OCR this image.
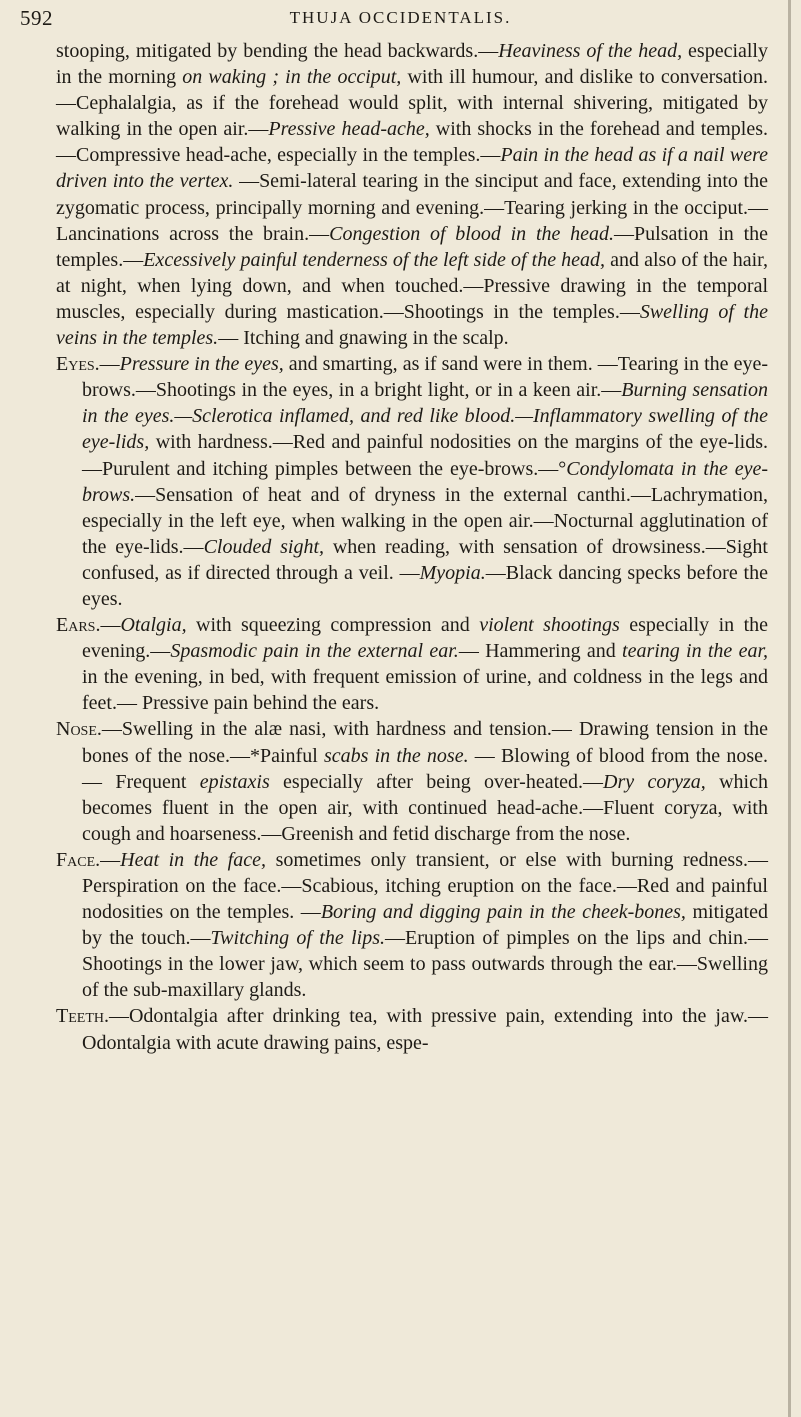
592	THUJA OCCIDENTALIS.

stooping, mitigated by bending the head backwards.—Heaviness of the head, especially in the morning on waking ; in the occiput, with ill humour, and dislike to conversation.—Cephalalgia, as if the forehead would split, with internal shivering, mitigated by walking in the open air.—Pressive head-ache, with shocks in the forehead and temples.—Compressive head-ache, especially in the temples.—Pain in the head as if a nail were driven into the vertex. —Semi-lateral tearing in the sinciput and face, extending into the zygomatic process, principally morning and evening.—Tearing jerking in the occiput.—Lancinations across the brain.—Congestion of blood in the head.—Pulsation in the temples.—Excessively painful tenderness of the left side of the head, and also of the hair, at night, when lying down, and when touched.—Pressive drawing in the temporal muscles, especially during mastication.—Shootings in the temples.—Swelling of the veins in the temples.— Itching and gnawing in the scalp.

Eyes.—Pressure in the eyes, and smarting, as if sand were in them. —Tearing in the eye-brows.—Shootings in the eyes, in a bright light, or in a keen air.—Burning sensation in the eyes.—Sclerotica inflamed, and red like blood.—Inflammatory swelling of the eye-lids, with hardness.—Red and painful nodosities on the margins of the eye-lids.—Purulent and itching pimples between the eye-brows.—°Condylomata in the eye-brows.—Sensation of heat and of dryness in the external canthi.—Lachrymation, especially in the left eye, when walking in the open air.—Nocturnal agglutination of the eye-lids.—Clouded sight, when reading, with sensation of drowsiness.—Sight confused, as if directed through a veil. —Myopia.—Black dancing specks before the eyes.

Ears.—Otalgia, with squeezing compression and violent shootings especially in the evening.—Spasmodic pain in the external ear.— Hammering and tearing in the ear, in the evening, in bed, with frequent emission of urine, and coldness in the legs and feet.— Pressive pain behind the ears.

Nose.—Swelling in the alæ nasi, with hardness and tension.— Drawing tension in the bones of the nose.—*Painful scabs in the nose. — Blowing of blood from the nose. — Frequent epistaxis especially after being over-heated.—Dry coryza, which becomes fluent in the open air, with continued head-ache.—Fluent coryza, with cough and hoarseness.—Greenish and fetid discharge from the nose.

Face.—Heat in the face, sometimes only transient, or else with burning redness.—Perspiration on the face.—Scabious, itching eruption on the face.—Red and painful nodosities on the temples. —Boring and digging pain in the cheek-bones, mitigated by the touch.—Twitching of the lips.—Eruption of pimples on the lips and chin.—Shootings in the lower jaw, which seem to pass outwards through the ear.—Swelling of the sub-maxillary glands.

Teeth.—Odontalgia after drinking tea, with pressive pain, extending into the jaw.—Odontalgia with acute drawing pains, espe-
